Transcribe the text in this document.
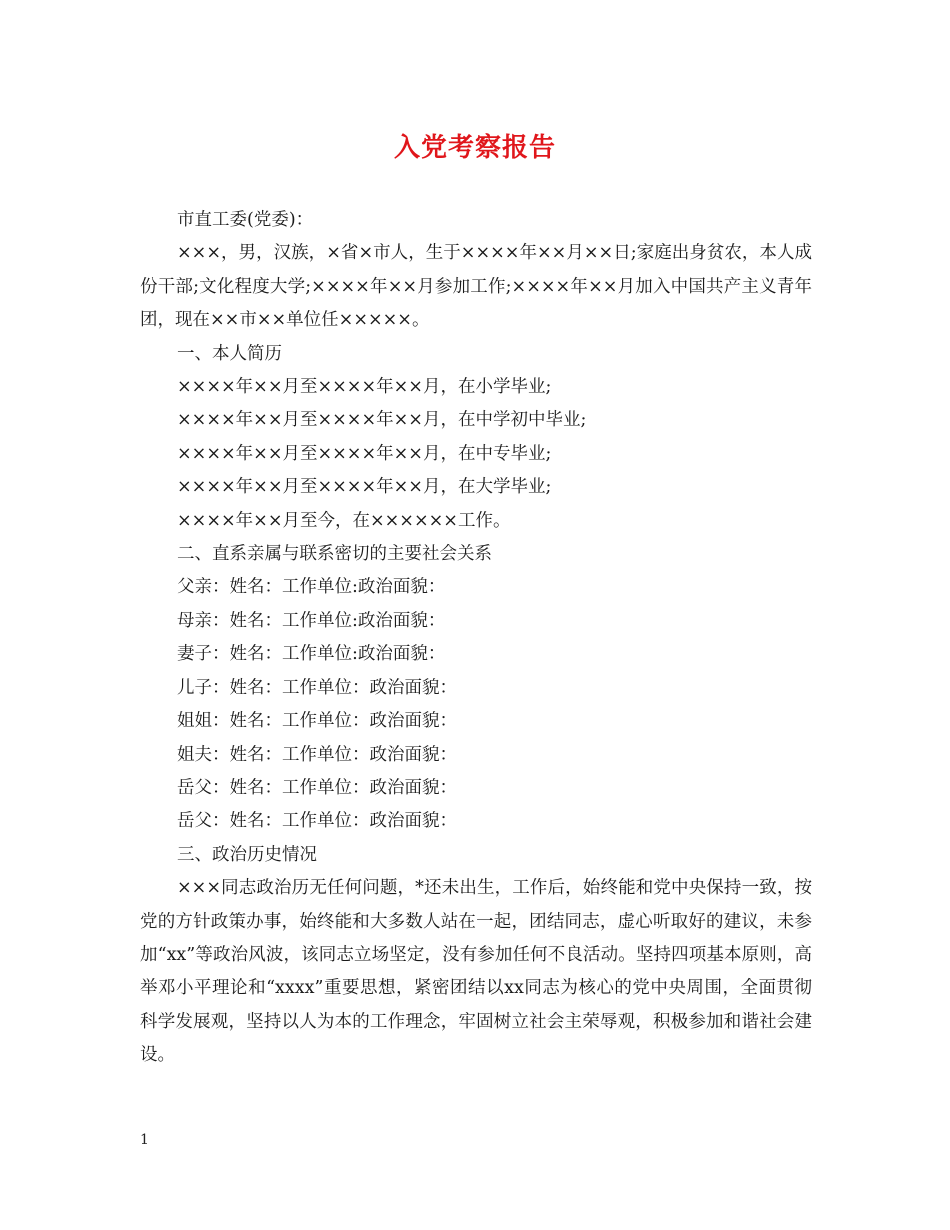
入党考察报告

市直工委(党委)：

×××，男，汉族，×省×市人，生于××××年××月××日;家庭出身贫农，本人成份干部;文化程度大学;××××年××月参加工作;××××年××月加入中国共产主义青年团，现在××市××单位任×××××。

一、本人简历

××××年××月至××××年××月，在小学毕业;

××××年××月至××××年××月，在中学初中毕业;

××××年××月至××××年××月，在中专毕业;

××××年××月至××××年××月，在大学毕业;

××××年××月至今，在××××××工作。

二、直系亲属与联系密切的主要社会关系

父亲：姓名：工作单位:政治面貌：

母亲：姓名：工作单位:政治面貌：

妻子：姓名：工作单位:政治面貌：

儿子：姓名：工作单位：政治面貌：

姐姐：姓名：工作单位：政治面貌：

姐夫：姓名：工作单位：政治面貌：

岳父：姓名：工作单位：政治面貌：

岳父：姓名：工作单位：政治面貌：

三、政治历史情况

×××同志政治历无任何问题，*还未出生，工作后，始终能和党中央保持一致，按党的方针政策办事，始终能和大多数人站在一起，团结同志，虚心听取好的建议，未参加“xx”等政治风波，该同志立场坚定，没有参加任何不良活动。坚持四项基本原则，高举邓小平理论和“xxxx”重要思想，紧密团结以xx同志为核心的党中央周围，全面贯彻科学发展观，坚持以人为本的工作理念，牢固树立社会主荣辱观，积极参加和谐社会建设。

1
